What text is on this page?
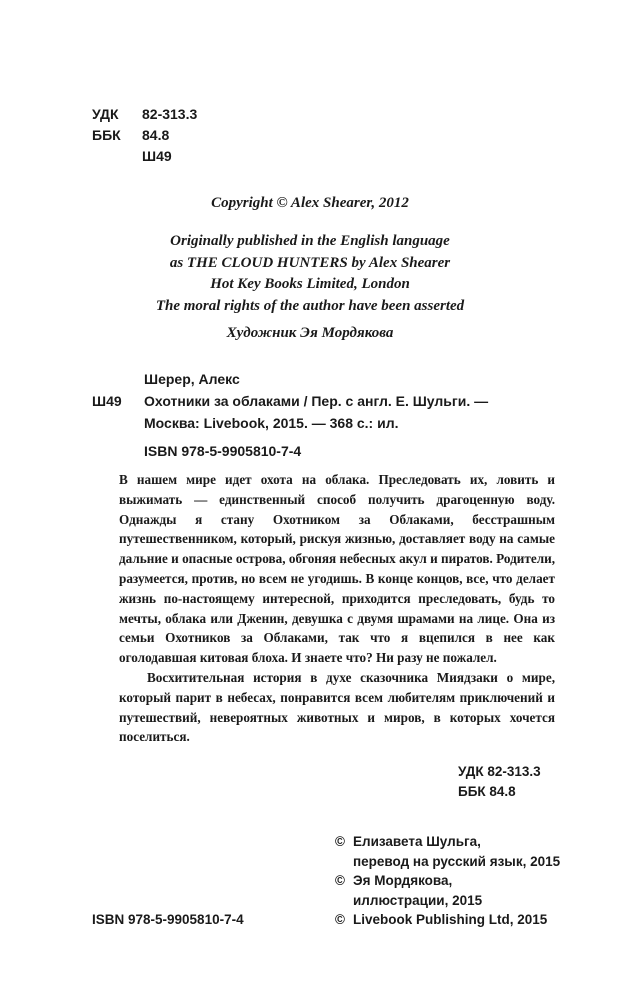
УДК 82-313.3
ББК 84.8
Ш49
Copyright © Alex Shearer, 2012
Originally published in the English language
as THE CLOUD HUNTERS by Alex Shearer
Hot Key Books Limited, London
The moral rights of the author have been asserted
Художник Эя Мордякова
Шерер, Алекс
Ш49 Охотники за облаками / Пер. с англ. Е. Шульги. —
Москва: Livebook, 2015. — 368 с.: ил.
ISBN 978-5-9905810-7-4

В нашем мире идет охота на облака. Преследовать их, ловить и выжимать — единственный способ получить драгоценную воду. Однажды я стану Охотником за Облаками, бесстрашным путешественником, который, рискуя жизнью, доставляет воду на самые дальние и опасные острова, обгоняя небесных акул и пиратов. Родители, разумеется, против, но всем не угодишь. В конце концов, все, что делает жизнь по-настоящему интересной, приходится преследовать, будь то мечты, облака или Дженин, девушка с двумя шрамами на лице. Она из семьи Охотников за Облаками, так что я вцепился в нее как оголодавшая китовая блоха. И знаете что? Ни разу не пожалел.

Восхитительная история в духе сказочника Миядзаки о мире, который парит в небесах, понравится всем любителям приключений и путешествий, невероятных животных и миров, в которых хочется поселиться.

УДК 82-313.3
ББК 84.8
© Елизавета Шульга,
перевод на русский язык, 2015
© Эя Мордякова,
иллюстрации, 2015
© Livebook Publishing Ltd, 2015
ISBN 978-5-9905810-7-4
